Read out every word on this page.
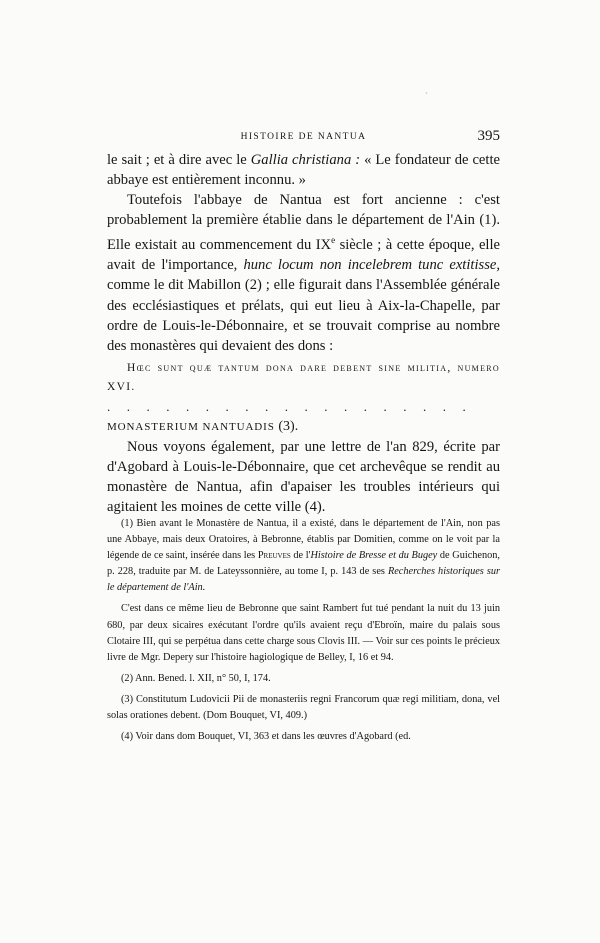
HISTOIRE DE NANTUA	395

le sait ; et à dire avec le Gallia christiana : « Le fondateur de cette abbaye est entièrement inconnu. »

Toutefois l'abbaye de Nantua est fort ancienne : c'est probablement la première établie dans le département de l'Ain (1). Elle existait au commencement du IXe siècle ; à cette époque, elle avait de l'importance, hunc locum non incelebrem tunc extitisse, comme le dit Mabillon (2) ; elle figurait dans l'Assemblée générale des ecclésiastiques et prélats, qui eut lieu à Aix-la-Chapelle, par ordre de Louis-le-Débonnaire, et se trouvait comprise au nombre des monastères qui devaient des dons :

Hœc sunt quæ tantum dona dare debent sine militia, numero XVI.

...................

MONASTERIUM NANTUADIS (3).

Nous voyons également, par une lettre de l'an 829, écrite par d'Agobard à Louis-le-Débonnaire, que cet archevêque se rendit au monastère de Nantua, afin d'apaiser les troubles intérieurs qui agitaient les moines de cette ville (4).

(1) Bien avant le Monastère de Nantua, il a existé, dans le département de l'Ain, non pas une Abbaye, mais deux Oratoires, à Bebronne, établis par Domitien, comme on le voit par la légende de ce saint, insérée dans les Preuves de l'Histoire de Bresse et du Bugey de Guichenon, p. 228, traduite par M. de Lateyssonnière, au tome I, p. 143 de ses Recherches historiques sur le département de l'Ain.

C'est dans ce même lieu de Bebronne que saint Rambert fut tué pendant la nuit du 13 juin 680, par deux sicaires exécutant l'ordre qu'ils avaient reçu d'Ebroïn, maire du palais sous Clotaire III, qui se perpétua dans cette charge sous Clovis III. — Voir sur ces points le précieux livre de Mgr. Depery sur l'histoire hagiologique de Belley, I, 16 et 94.

(2) Ann. Bened. l. XII, n° 50, I, 174.

(3) Constitutum Ludovicii Pii de monasteriis regni Francorum quæ regi militiam, dona, vel solas orationes debent. (Dom Bouquet, VI, 409.)

(4) Voir dans dom Bouquet, VI, 363 et dans les œuvres d'Agobard (ed.

ˎ
